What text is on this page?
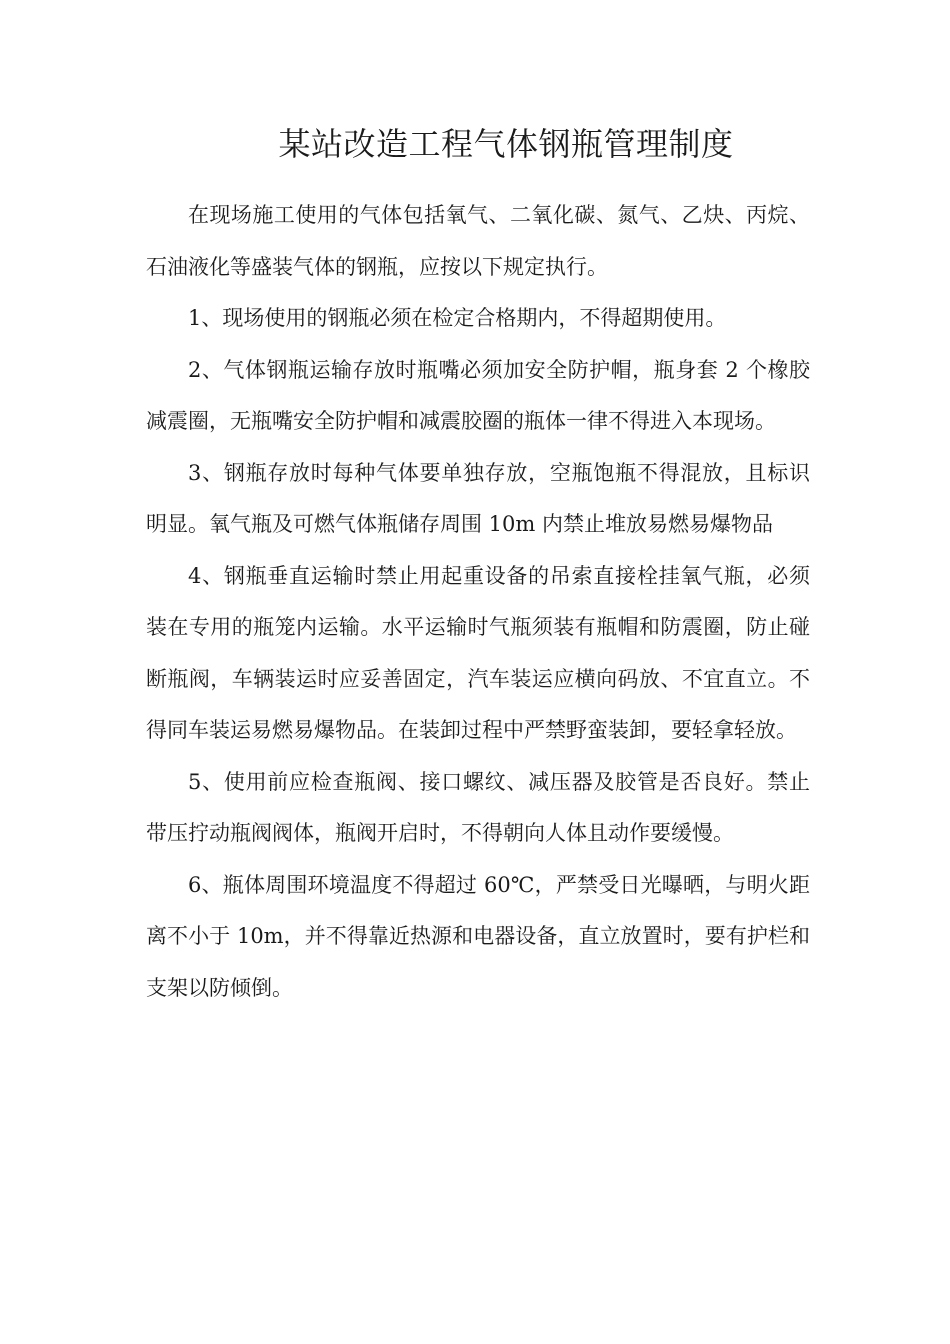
某站改造工程气体钢瓶管理制度

在现场施工使用的气体包括氧气、二氧化碳、氮气、乙炔、丙烷、石油液化等盛装气体的钢瓶，应按以下规定执行。

1、现场使用的钢瓶必须在检定合格期内，不得超期使用。

2、气体钢瓶运输存放时瓶嘴必须加安全防护帽，瓶身套 2 个橡胶减震圈，无瓶嘴安全防护帽和减震胶圈的瓶体一律不得进入本现场。

3、钢瓶存放时每种气体要单独存放，空瓶饱瓶不得混放，且标识明显。氧气瓶及可燃气体瓶储存周围 10m 内禁止堆放易燃易爆物品

4、钢瓶垂直运输时禁止用起重设备的吊索直接栓挂氧气瓶，必须装在专用的瓶笼内运输。水平运输时气瓶须装有瓶帽和防震圈，防止碰断瓶阀，车辆装运时应妥善固定，汽车装运应横向码放、不宜直立。不得同车装运易燃易爆物品。在装卸过程中严禁野蛮装卸，要轻拿轻放。

5、使用前应检查瓶阀、接口螺纹、减压器及胶管是否良好。禁止带压拧动瓶阀阀体，瓶阀开启时，不得朝向人体且动作要缓慢。

6、瓶体周围环境温度不得超过 60℃，严禁受日光曝晒，与明火距离不小于 10m，并不得靠近热源和电器设备，直立放置时，要有护栏和支架以防倾倒。
